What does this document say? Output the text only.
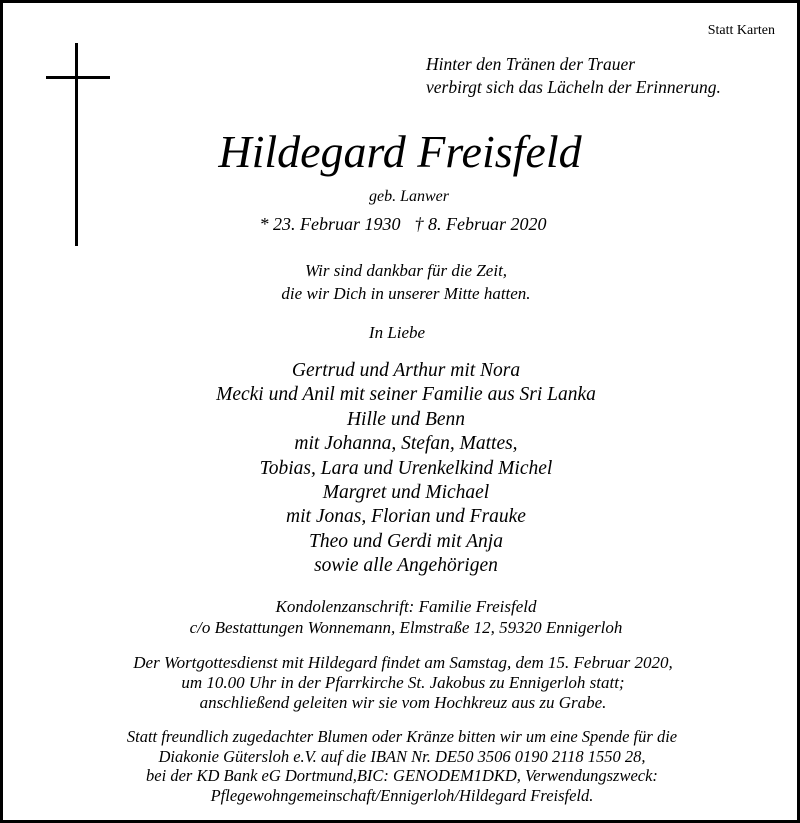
Statt Karten
Hinter den Tränen der Trauer
verbirgt sich das Lächeln der Erinnerung.
Hildegard Freisfeld
geb. Lanwer
* 23. Februar 1930 † 8. Februar 2020
Wir sind dankbar für die Zeit,
die wir Dich in unserer Mitte hatten.
In Liebe
Gertrud und Arthur mit Nora
Mecki und Anil mit seiner Familie aus Sri Lanka
Hille und Benn
mit Johanna, Stefan, Mattes,
Tobias, Lara und Urenkelkind Michel
Margret und Michael
mit Jonas, Florian und Frauke
Theo und Gerdi mit Anja
sowie alle Angehörigen
Kondolenzanschrift: Familie Freisfeld
c/o Bestattungen Wonnemann, Elmstraße 12, 59320 Ennigerloh
Der Wortgottesdienst mit Hildegard findet am Samstag, dem 15. Februar 2020,
um 10.00 Uhr in der Pfarrkirche St. Jakobus zu Ennigerloh statt;
anschließend geleiten wir sie vom Hochkreuz aus zu Grabe.
Statt freundlich zugedachter Blumen oder Kränze bitten wir um eine Spende für die
Diakonie Gütersloh e.V. auf die IBAN Nr. DE50 3506 0190 2118 1550 28,
bei der KD Bank eG Dortmund,BIC: GENODEM1DKD, Verwendungszweck:
Pflegewohngemeinschaft/Ennigerloh/Hildegard Freisfeld.
